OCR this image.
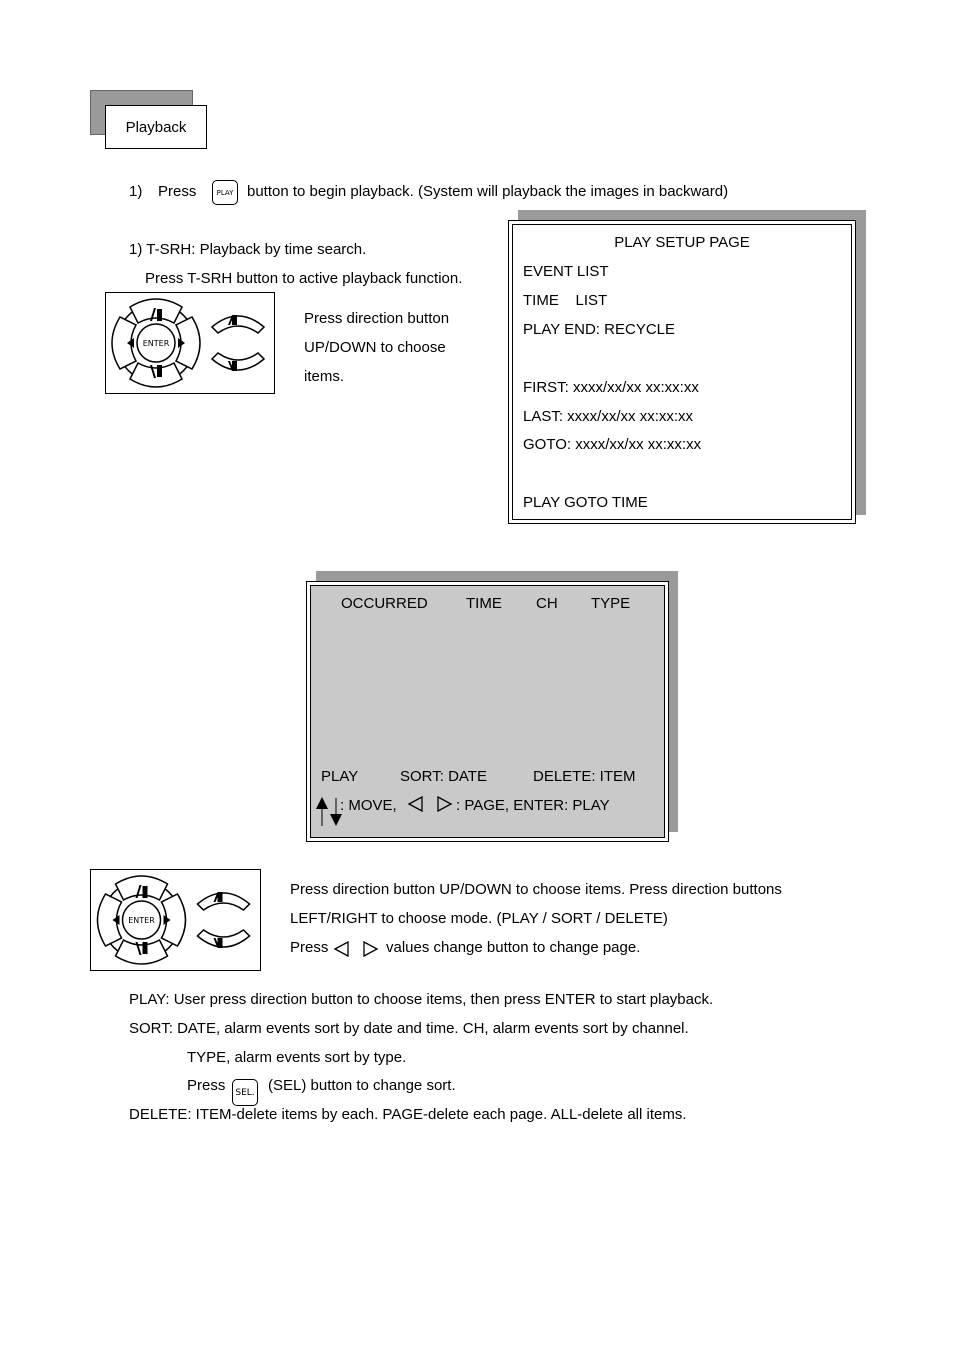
Playback
1) Press	PLAY button to begin playback. (System will playback the images in backward)
1) T-SRH: Playback by time search.
Press T-SRH button to active playback function.
ENTER
Press direction button
UP/DOWN to choose
items.
PLAY SETUP PAGE
EVENT LIST
TIME    LIST
PLAY END: RECYCLE
FIRST: xxxx/xx/xx xx:xx:xx
LAST: xxxx/xx/xx xx:xx:xx
GOTO: xxxx/xx/xx xx:xx:xx
PLAY GOTO TIME
OCCURRED	TIME CH TYPE
PLAY	SORT: DATE	DELETE: ITEM
: MOVE,	: PAGE, ENTER: PLAY
ENTER
Press direction button UP/DOWN to choose items. Press direction buttons
LEFT/RIGHT to choose mode. (PLAY / SORT / DELETE)
Press	values change button to change page.
PLAY: User press direction button to choose items, then press ENTER to start playback.
SORT: DATE, alarm events sort by date and time. CH, alarm events sort by channel.
TYPE, alarm events sort by type.
Press SEL. (SEL) button to change sort.
DELETE: ITEM-delete items by each. PAGE-delete each page. ALL-delete all items.
